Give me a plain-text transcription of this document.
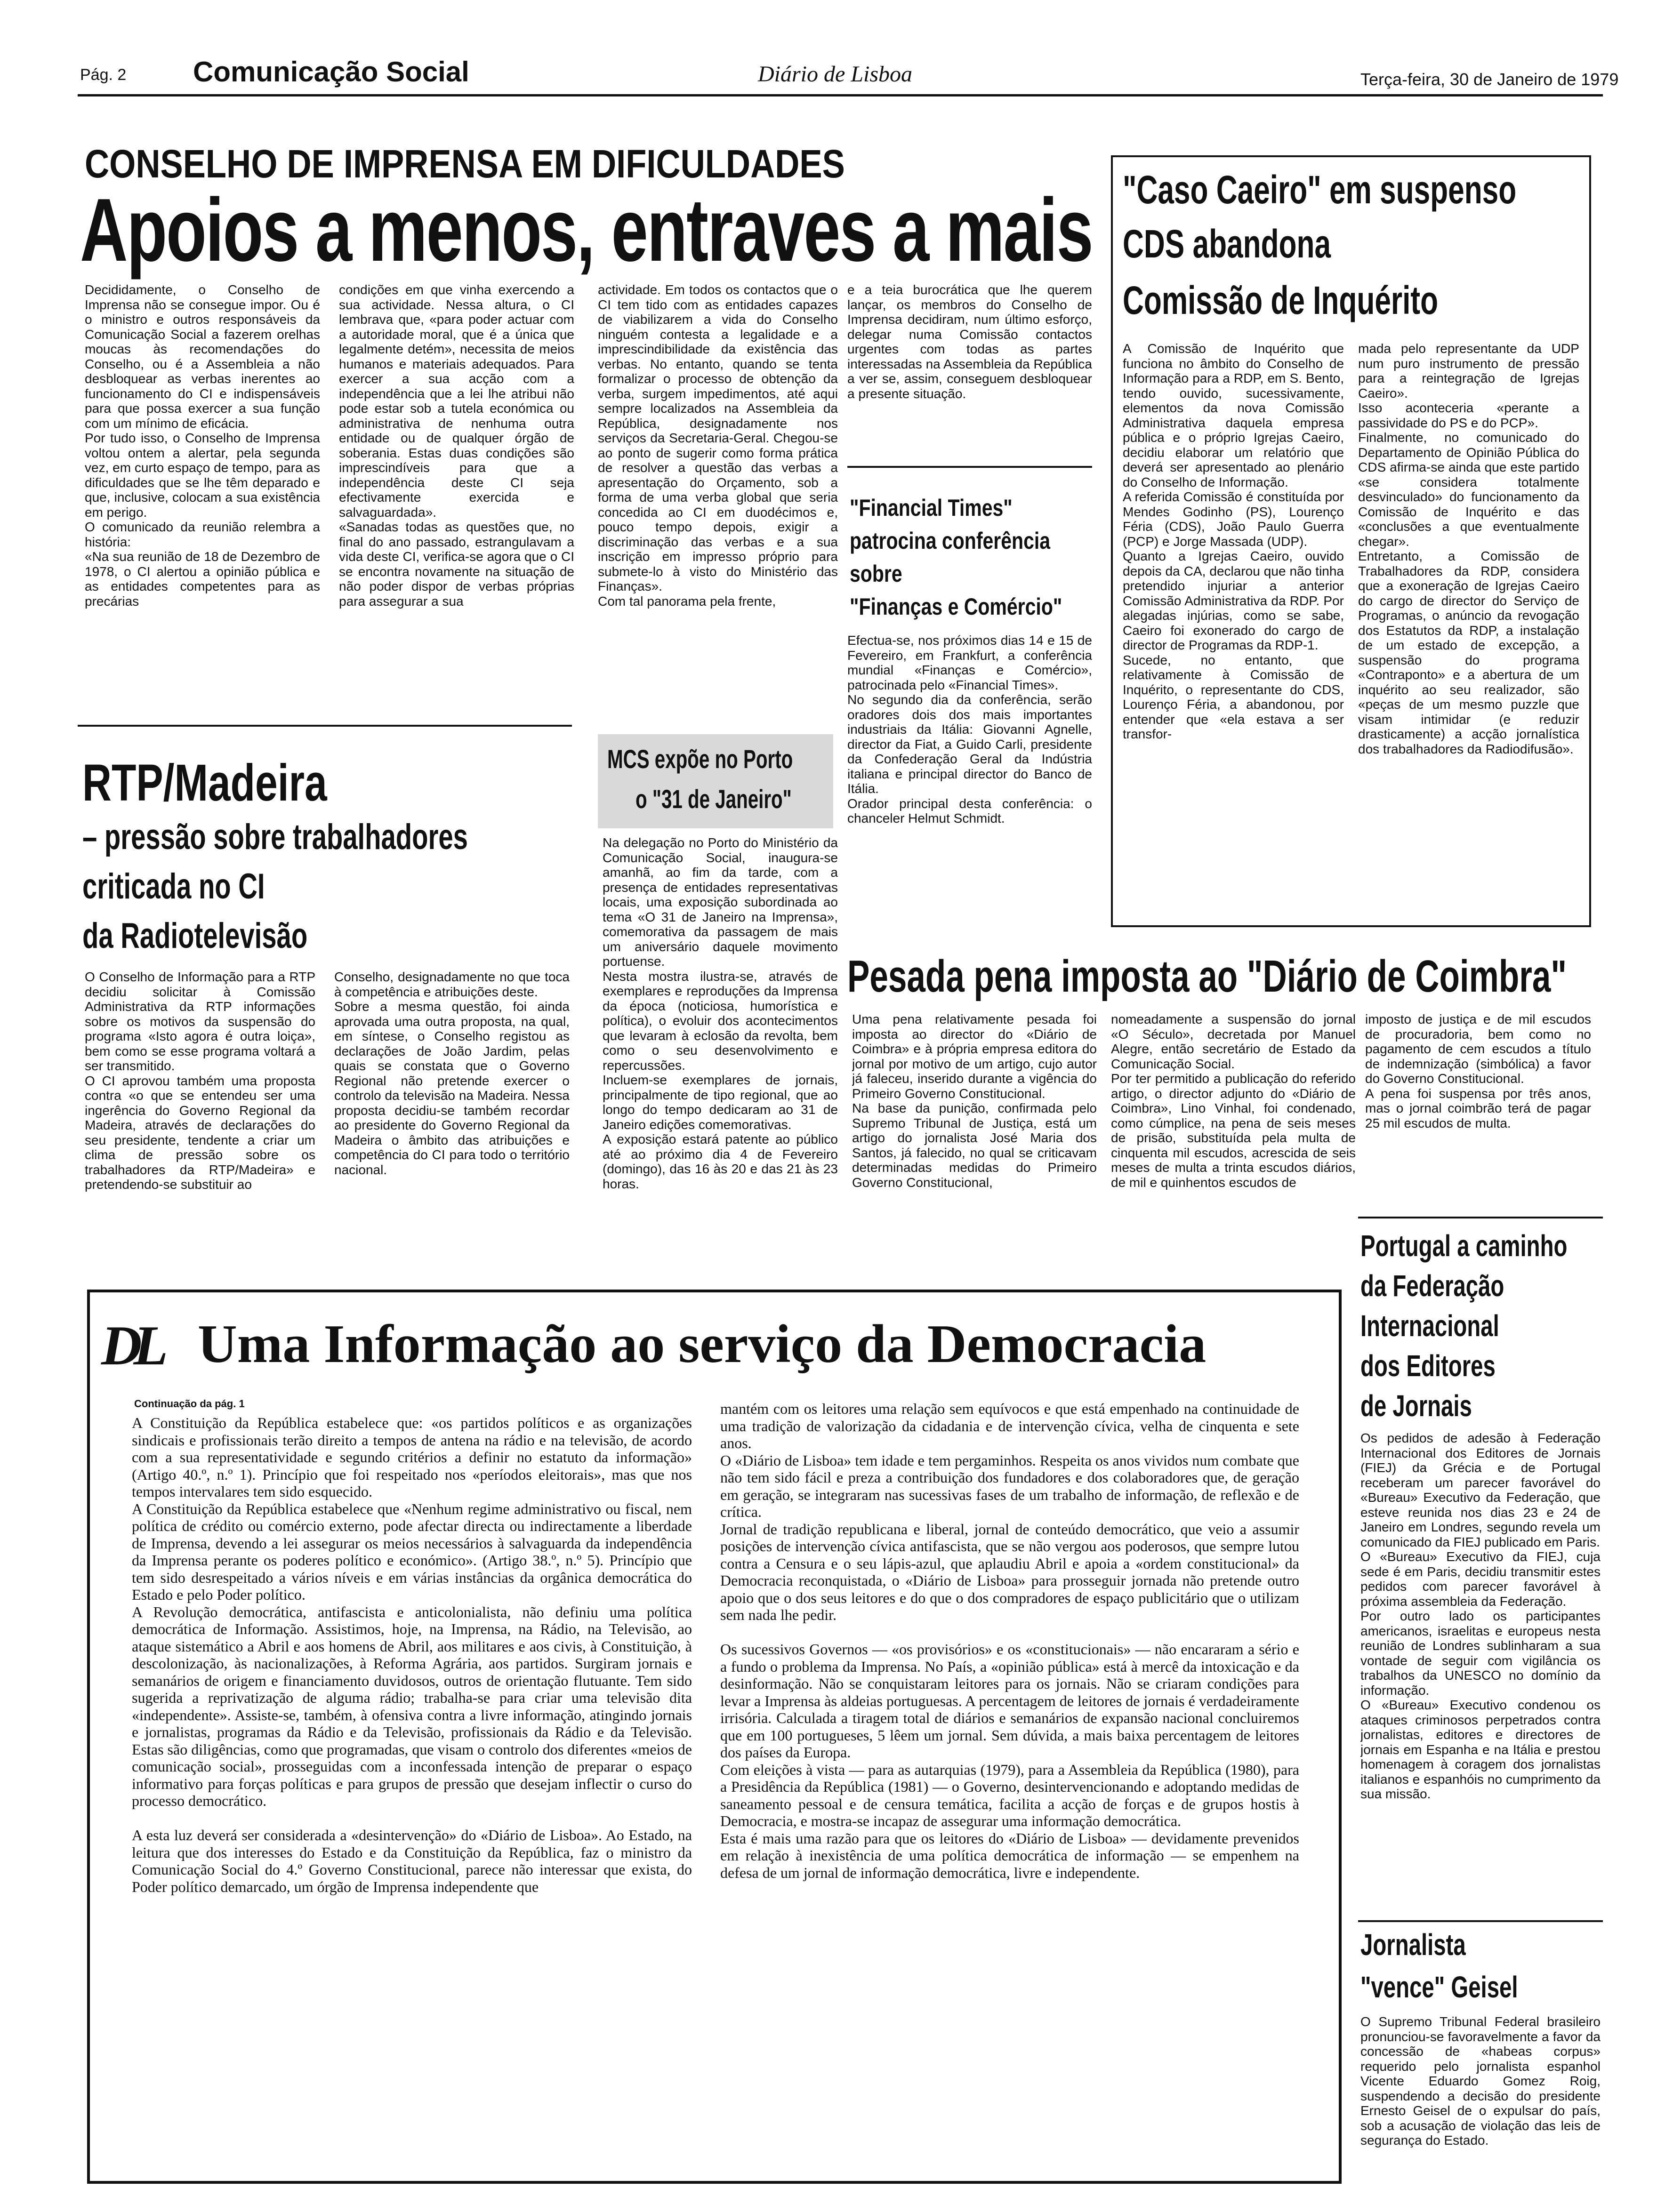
Pág. 2 Comunicação Social	Diário de Lisboa	Terça-feira, 30 de Janeiro de 1979
CONSELHO DE IMPRENSA EM DIFICULDADES
Apoios a menos, entraves a mais
Decididamente, o Conselho de Imprensa não se consegue impor. Ou é o ministro e outros responsáveis da Comunicação Social a fazerem orelhas moucas às recomendações do Conselho, ou é a Assembleia a não desbloquear as verbas inerentes ao funcionamento do CI e indispensáveis para que possa exercer a sua função com um mínimo de eficácia.
Por tudo isso, o Conselho de Imprensa voltou ontem a alertar, pela segunda vez, em curto espaço de tempo, para as dificuldades que se lhe têm deparado e que, inclusive, colocam a sua existência em perigo.
O comunicado da reunião relembra a história:
«Na sua reunião de 18 de Dezembro de 1978, o CI alertou a opinião pública e as entidades competentes para as precárias
condições em que vinha exercendo a sua actividade. Nessa altura, o CI lembrava que, «para poder actuar com a autoridade moral, que é a única que legalmente detém», necessita de meios humanos e materiais adequados. Para exercer a sua acção com a independência que a lei lhe atribui não pode estar sob a tutela económica ou administrativa de nenhuma outra entidade ou de qualquer órgão de soberania. Estas duas condições são imprescindíveis para que a independência deste CI seja efectivamente exercida e salvaguardada».
«Sanadas todas as questões que, no final do ano passado, estrangulavam a vida deste CI, verifica-se agora que o CI se encontra novamente na situação de não poder dispor de verbas próprias para assegurar a sua
actividade. Em todos os contactos que o CI tem tido com as entidades capazes de viabilizarem a vida do Conselho ninguém contesta a legalidade e a imprescindibilidade da existência das verbas. No entanto, quando se tenta formalizar o processo de obtenção da verba, surgem impedimentos, até aqui sempre localizados na Assembleia da República, designadamente nos serviços da Secretaria-Geral. Chegou-se ao ponto de sugerir como forma prática de resolver a questão das verbas a apresentação do Orçamento, sob a forma de uma verba global que seria concedida ao CI em duodécimos e, pouco tempo depois, exigir a discriminação das verbas e a sua inscrição em impresso próprio para submete-lo à visto do Ministério das Finanças».
Com tal panorama pela frente,
e a teia burocrática que lhe querem lançar, os membros do Conselho de Imprensa decidiram, num último esforço, delegar numa Comissão contactos urgentes com todas as partes interessadas na Assembleia da República a ver se, assim, conseguem desbloquear a presente situação.
"Financial Times"
patrocina conferência
sobre
"Finanças e Comércio"
Efectua-se, nos próximos dias 14 e 15 de Fevereiro, em Frankfurt, a conferência mundial «Finanças e Comércio», patrocinada pelo «Financial Times».
No segundo dia da conferência, serão oradores dois dos mais importantes industriais da Itália: Giovanni Agnelle, director da Fiat, a Guido Carli, presidente da Confederação Geral da Indústria italiana e principal director do Banco de Itália.
Orador principal desta conferência: o chanceler Helmut Schmidt.
"Caso Caeiro" em suspenso
CDS abandona
Comissão de Inquérito
A Comissão de Inquérito que funciona no âmbito do Conselho de Informação para a RDP, em S. Bento, tendo ouvido, sucessivamente, elementos da nova Comissão Administrativa daquela empresa pública e o próprio Igrejas Caeiro, decidiu elaborar um relatório que deverá ser apresentado ao plenário do Conselho de Informação.
A referida Comissão é constituída por Mendes Godinho (PS), Lourenço Féria (CDS), João Paulo Guerra (PCP) e Jorge Massada (UDP).
Quanto a Igrejas Caeiro, ouvido depois da CA, declarou que não tinha pretendido injuriar a anterior Comissão Administrativa da RDP. Por alegadas injúrias, como se sabe, Caeiro foi exonerado do cargo de director de Programas da RDP-1.
Sucede, no entanto, que relativamente à Comissão de Inquérito, o representante do CDS, Lourenço Féria, a abandonou, por entender que «ela estava a ser transfor-
mada pelo representante da UDP num puro instrumento de pressão para a reintegração de Igrejas Caeiro».
Isso aconteceria «perante a passividade do PS e do PCP».
Finalmente, no comunicado do Departamento de Opinião Pública do CDS afirma-se ainda que este partido «se considera totalmente desvinculado» do funcionamento da Comissão de Inquérito e das «conclusões a que eventualmente chegar».
Entretanto, a Comissão de Trabalhadores da RDP, considera que a exoneração de Igrejas Caeiro do cargo de director do Serviço de Programas, o anúncio da revogação dos Estatutos da RDP, a instalação de um estado de excepção, a suspensão do programa «Contraponto» e a abertura de um inquérito ao seu realizador, são «peças de um mesmo puzzle que visam intimidar (e reduzir drasticamente) a acção jornalística dos trabalhadores da Radiodifusão».
RTP/Madeira
– pressão sobre trabalhadores
criticada no CI
da Radiotelevisão
O Conselho de Informação para a RTP decidiu solicitar à Comissão Administrativa da RTP informações sobre os motivos da suspensão do programa «Isto agora é outra loiça», bem como se esse programa voltará a ser transmitido.
O CI aprovou também uma proposta contra «o que se entendeu ser uma ingerência do Governo Regional da Madeira, através de declarações do seu presidente, tendente a criar um clima de pressão sobre os trabalhadores da RTP/Madeira» e pretendendo-se substituir ao
Conselho, designadamente no que toca à competência e atribuições deste.
Sobre a mesma questão, foi ainda aprovada uma outra proposta, na qual, em síntese, o Conselho registou as declarações de João Jardim, pelas quais se constata que o Governo Regional não pretende exercer o controlo da televisão na Madeira. Nessa proposta decidiu-se também recordar ao presidente do Governo Regional da Madeira o âmbito das atribuições e competência do CI para todo o território nacional.
MCS expõe no Porto
o "31 de Janeiro"
Na delegação no Porto do Ministério da Comunicação Social, inaugura-se amanhã, ao fim da tarde, com a presença de entidades representativas locais, uma exposição subordinada ao tema «O 31 de Janeiro na Imprensa», comemorativa da passagem de mais um aniversário daquele movimento portuense.
Nesta mostra ilustra-se, através de exemplares e reproduções da Imprensa da época (noticiosa, humorística e política), o evoluir dos acontecimentos que levaram à eclosão da revolta, bem como o seu desenvolvimento e repercussões.
Incluem-se exemplares de jornais, principalmente de tipo regional, que ao longo do tempo dedicaram ao 31 de Janeiro edições comemorativas.
A exposição estará patente ao público até ao próximo dia 4 de Fevereiro (domingo), das 16 às 20 e das 21 às 23 horas.
Pesada pena imposta ao "Diário de Coimbra"
Uma pena relativamente pesada foi imposta ao director do «Diário de Coimbra» e à própria empresa editora do jornal por motivo de um artigo, cujo autor já faleceu, inserido durante a vigência do Primeiro Governo Constitucional.
Na base da punição, confirmada pelo Supremo Tribunal de Justiça, está um artigo do jornalista José Maria dos Santos, já falecido, no qual se criticavam determinadas medidas do Primeiro Governo Constitucional,
nomeadamente a suspensão do jornal «O Século», decretada por Manuel Alegre, então secretário de Estado da Comunicação Social.
Por ter permitido a publicação do referido artigo, o director adjunto do «Diário de Coimbra», Lino Vinhal, foi condenado, como cúmplice, na pena de seis meses de prisão, substituída pela multa de cinquenta mil escudos, acrescida de seis meses de multa a trinta escudos diários, de mil e quinhentos escudos de
imposto de justiça e de mil escudos de procuradoria, bem como no pagamento de cem escudos a título de indemnização (simbólica) a favor do Governo Constitucional.
A pena foi suspensa por três anos, mas o jornal coimbrão terá de pagar 25 mil escudos de multa.
DL Uma Informação ao serviço da Democracia
Continuação da pág. 1
A Constituição da República estabelece que: «os partidos políticos e as organizações sindicais e profissionais terão direito a tempos de antena na rádio e na televisão, de acordo com a sua representatividade e segundo critérios a definir no estatuto da informação» (Artigo 40.º, n.º 1). Princípio que foi respeitado nos «períodos eleitorais», mas que nos tempos intervalares tem sido esquecido.
A Constituição da República estabelece que «Nenhum regime administrativo ou fiscal, nem política de crédito ou comércio externo, pode afectar directa ou indirectamente a liberdade de Imprensa, devendo a lei assegurar os meios necessários à salvaguarda da independência da Imprensa perante os poderes político e económico». (Artigo 38.º, n.º 5). Princípio que tem sido desrespeitado a vários níveis e em várias instâncias da orgânica democrática do Estado e pelo Poder político.
A Revolução democrática, antifascista e anticolonialista, não definiu uma política democrática de Informação. Assistimos, hoje, na Imprensa, na Rádio, na Televisão, ao ataque sistemático a Abril e aos homens de Abril, aos militares e aos civis, à Constituição, à descolonização, às nacionalizações, à Reforma Agrária, aos partidos. Surgiram jornais e semanários de origem e financiamento duvidosos, outros de orientação flutuante. Tem sido sugerida a reprivatização de alguma rádio; trabalha-se para criar uma televisão dita «independente». Assiste-se, também, à ofensiva contra a livre informação, atingindo jornais e jornalistas, programas da Rádio e da Televisão, profissionais da Rádio e da Televisão. Estas são diligências, como que programadas, que visam o controlo dos diferentes «meios de comunicação social», prosseguidas com a inconfessada intenção de preparar o espaço informativo para forças políticas e para grupos de pressão que desejam inflectir o curso do processo democrático.

A esta luz deverá ser considerada a «desintervenção» do «Diário de Lisboa». Ao Estado, na leitura que dos interesses do Estado e da Constituição da República, faz o ministro da Comunicação Social do 4.º Governo Constitucional, parece não interessar que exista, do Poder político demarcado, um órgão de Imprensa independente que
mantém com os leitores uma relação sem equívocos e que está empenhado na continuidade de uma tradição de valorização da cidadania e de intervenção cívica, velha de cinquenta e sete anos.
O «Diário de Lisboa» tem idade e tem pergaminhos. Respeita os anos vividos num combate que não tem sido fácil e preza a contribuição dos fundadores e dos colaboradores que, de geração em geração, se integraram nas sucessivas fases de um trabalho de informação, de reflexão e de crítica.
Jornal de tradição republicana e liberal, jornal de conteúdo democrático, que veio a assumir posições de intervenção cívica antifascista, que se não vergou aos poderosos, que sempre lutou contra a Censura e o seu lápis-azul, que aplaudiu Abril e apoia a «ordem constitucional» da Democracia reconquistada, o «Diário de Lisboa» para prosseguir jornada não pretende outro apoio que o dos seus leitores e do que o dos compradores de espaço publicitário que o utilizam sem nada lhe pedir.

Os sucessivos Governos — «os provisórios» e os «constitucionais» — não encararam a sério e a fundo o problema da Imprensa. No País, a «opinião pública» está à mercê da intoxicação e da desinformação. Não se conquistaram leitores para os jornais. Não se criaram condições para levar a Imprensa às aldeias portuguesas. A percentagem de leitores de jornais é verdadeiramente irrisória. Calculada a tiragem total de diários e semanários de expansão nacional concluiremos que em 100 portugueses, 5 lêem um jornal. Sem dúvida, a mais baixa percentagem de leitores dos países da Europa.
Com eleições à vista — para as autarquias (1979), para a Assembleia da República (1980), para a Presidência da República (1981) — o Governo, desintervencionando e adoptando medidas de saneamento pessoal e de censura temática, facilita a acção de forças e de grupos hostis à Democracia, e mostra-se incapaz de assegurar uma informação democrática.
Esta é mais uma razão para que os leitores do «Diário de Lisboa» — devidamente prevenidos em relação à inexistência de uma política democrática de informação — se empenhem na defesa de um jornal de informação democrática, livre e independente.
Portugal a caminho
da Federação
Internacional
dos Editores
de Jornais
Os pedidos de adesão à Federação Internacional dos Editores de Jornais (FIEJ) da Grécia e de Portugal receberam um parecer favorável do «Bureau» Executivo da Federação, que esteve reunida nos dias 23 e 24 de Janeiro em Londres, segundo revela um comunicado da FIEJ publicado em Paris.
O «Bureau» Executivo da FIEJ, cuja sede é em Paris, decidiu transmitir estes pedidos com parecer favorável à próxima assembleia da Federação.
Por outro lado os participantes americanos, israelitas e europeus nesta reunião de Londres sublinharam a sua vontade de seguir com vigilância os trabalhos da UNESCO no domínio da informação.
O «Bureau» Executivo condenou os ataques criminosos perpetrados contra jornalistas, editores e directores de jornais em Espanha e na Itália e prestou homenagem à coragem dos jornalistas italianos e espanhóis no cumprimento da sua missão.
Jornalista
"vence" Geisel
O Supremo Tribunal Federal brasileiro pronunciou-se favoravelmente a favor da concessão de «habeas corpus» requerido pelo jornalista espanhol Vicente Eduardo Gomez Roig, suspendendo a decisão do presidente Ernesto Geisel de o expulsar do país, sob a acusação de violação das leis de segurança do Estado.
